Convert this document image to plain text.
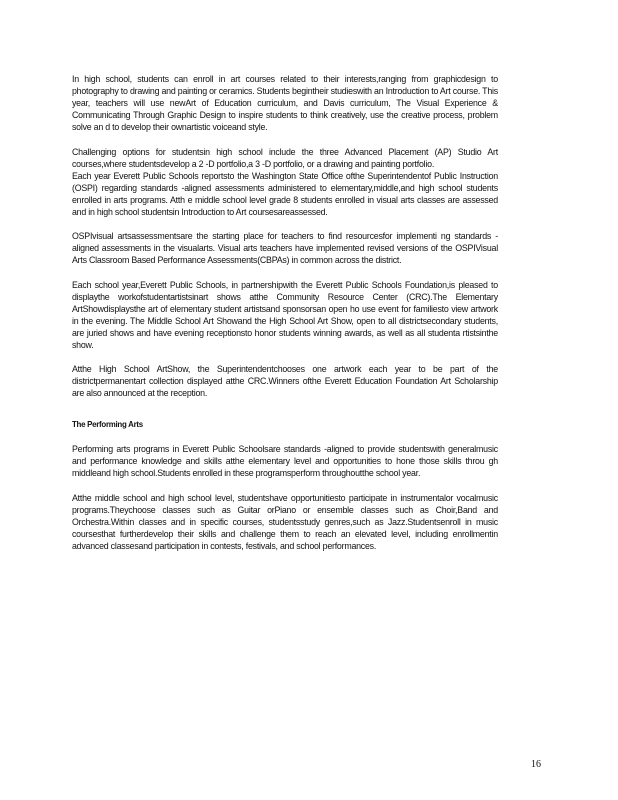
In high school, students can enroll in art courses related to their interests,ranging from graphicdesign to photography to drawing and painting or ceramics. Students begintheir studieswith an Introduction to Art course. This year, teachers will use newArt of Education curriculum, and Davis curriculum, The Visual Experience & Communicating Through Graphic Design to inspire students to think creatively, use the creative process, problem solve an d to develop their ownartistic voiceand style.

Challenging options for studentsin high school include the three Advanced Placement (AP) Studio Art courses,where studentsdevelop a 2 -D portfolio,a 3 -D portfolio, or a drawing and painting portfolio.

Each year Everett Public Schools reportsto the Washington State Office ofthe Superintendentof Public Instruction (OSPI) regarding standards -aligned assessments administered to elementary,middle,and high school students enrolled in arts programs. Atth e middle school level grade 8 students enrolled in visual arts classes are assessed and in high school studentsin Introduction to Art coursesareassessed.

OSPIvisual artsassessmentsare the starting place for teachers to find resourcesfor implementi ng standards - aligned assessments in the visualarts. Visual arts teachers have implemented revised versions of the OSPIVisual Arts Classroom Based Performance Assessments(CBPAs) in common across the district.

Each school year,Everett Public Schools, in partnershipwith the Everett Public Schools Foundation,is pleased to displaythe workofstudentartistsinart shows atthe Community Resource Center (CRC).The Elementary ArtShowdisplaysthe art of elementary student artistsand sponsorsan open ho use event for familiesto view artwork in the evening. The Middle School Art Showand the High School Art Show, open to all districtsecondary students, are juried shows and have evening receptionsto honor students winning awards, as well as all studenta rtistsinthe show.

Atthe High School ArtShow, the Superintendentchooses one artwork each year to be part of the districtpermanentart collection displayed atthe CRC.Winners ofthe Everett Education Foundation Art Scholarship are also announced at the reception.

The Performing Arts

Performing arts programs in Everett Public Schoolsare standards -aligned to provide studentswith generalmusic and performance knowledge and skills atthe elementary level and opportunities to hone those skills throu gh middleand high school.Students enrolled in these programsperform throughoutthe school year.

Atthe middle school and high school level, studentshave opportunitiesto participate in instrumentalor vocalmusic programs.Theychoose classes such as Guitar orPiano or ensemble classes such as Choir,Band and Orchestra.Within classes and in specific courses, studentsstudy genres,such as Jazz.Studentsenroll in music coursesthat furtherdevelop their skills and challenge them to reach an elevated level, including enrollmentin advanced classesand participation in contests, festivals, and school performances.

16
